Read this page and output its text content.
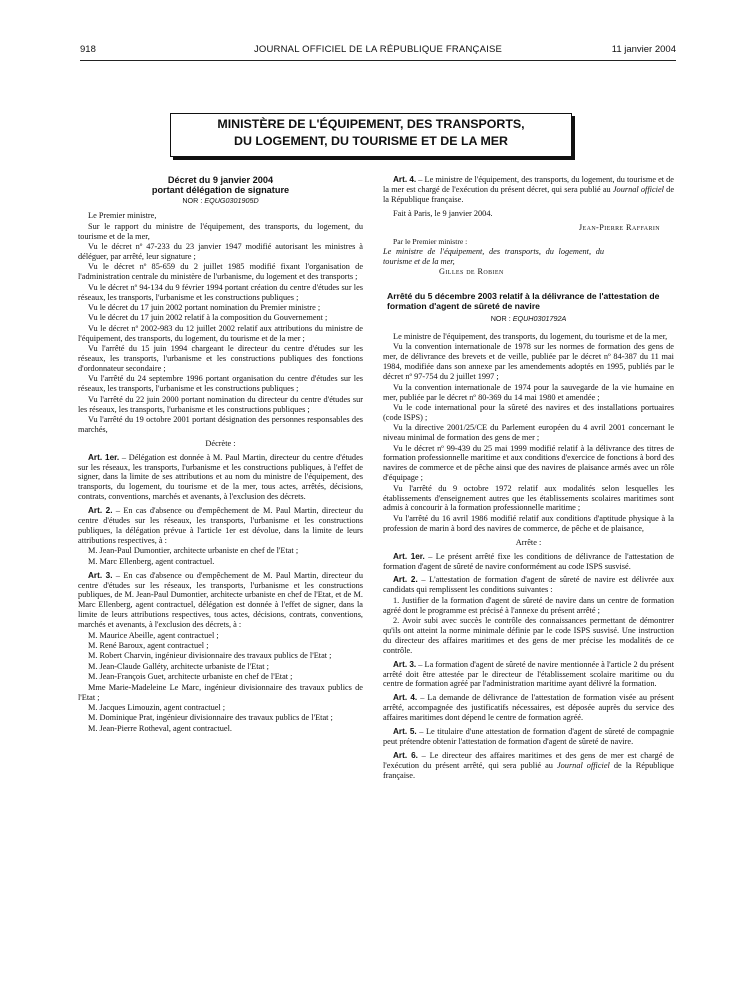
918	JOURNAL OFFICIEL DE LA RÉPUBLIQUE FRANÇAISE	11 janvier 2004
MINISTÈRE DE L'ÉQUIPEMENT, DES TRANSPORTS,
DU LOGEMENT, DU TOURISME ET DE LA MER
Décret du 9 janvier 2004
portant délégation de signature
NOR : EQUG0301905D

Le Premier ministre,

Sur le rapport du ministre de l'équipement, des transports, du logement, du tourisme et de la mer,

Vu le décret nº 47-233 du 23 janvier 1947 modifié autorisant les ministres à déléguer, par arrêté, leur signature ;

Vu le décret nº 85-659 du 2 juillet 1985 modifié fixant l'organisation de l'administration centrale du ministère de l'urbanisme, du logement et des transports ;

Vu le décret nº 94-134 du 9 février 1994 portant création du centre d'études sur les réseaux, les transports, l'urbanisme et les constructions publiques ;

Vu le décret du 17 juin 2002 portant nomination du Premier ministre ;

Vu le décret du 17 juin 2002 relatif à la composition du Gouvernement ;

Vu le décret nº 2002-983 du 12 juillet 2002 relatif aux attributions du ministre de l'équipement, des transports, du logement, du tourisme et de la mer ;

Vu l'arrêté du 15 juin 1994 chargeant le directeur du centre d'études sur les réseaux, les transports, l'urbanisme et les constructions publiques des fonctions d'ordonnateur secondaire ;

Vu l'arrêté du 24 septembre 1996 portant organisation du centre d'études sur les réseaux, les transports, l'urbanisme et les constructions publiques ;

Vu l'arrêté du 22 juin 2000 portant nomination du directeur du centre d'études sur les réseaux, les transports, l'urbanisme et les constructions publiques ;

Vu l'arrêté du 19 octobre 2001 portant désignation des personnes responsables des marchés,

Décrète :

Art. 1er. – Délégation est donnée à M. Paul Martin, directeur du centre d'études sur les réseaux, les transports, l'urbanisme et les constructions publiques, à l'effet de signer, dans la limite de ses attributions et au nom du ministre de l'équipement, des transports, du logement, du tourisme et de la mer, tous actes, arrêtés, décisions, contrats, conventions, marchés et avenants, à l'exclusion des décrets.

Art. 2. – En cas d'absence ou d'empêchement de M. Paul Martin, directeur du centre d'études sur les réseaux, les transports, l'urbanisme et les constructions publiques, la délégation prévue à l'article 1er est dévolue, dans la limite de leurs attributions respectives, à :

M. Jean-Paul Dumontier, architecte urbaniste en chef de l'Etat ;

M. Marc Ellenberg, agent contractuel.

Art. 3. – En cas d'absence ou d'empêchement de M. Paul Martin, directeur du centre d'études sur les réseaux, les transports, l'urbanisme et les constructions publiques, de M. Jean-Paul Dumontier, architecte urbaniste en chef de l'Etat, et de M. Marc Ellenberg, agent contractuel, délégation est donnée à l'effet de signer, dans la limite de leurs attributions respectives, tous actes, décisions, contrats, conventions, marchés et avenants, à l'exclusion des décrets, à :

M. Maurice Abeille, agent contractuel ;

M. René Baroux, agent contractuel ;

M. Robert Charvin, ingénieur divisionnaire des travaux publics de l'Etat ;

M. Jean-Claude Galléty, architecte urbaniste de l'Etat ;

M. Jean-François Guet, architecte urbaniste en chef de l'Etat ;

Mme Marie-Madeleine Le Marc, ingénieur divisionnaire des travaux publics de l'Etat ;

M. Jacques Limouzin, agent contractuel ;

M. Dominique Prat, ingénieur divisionnaire des travaux publics de l'Etat ;

M. Jean-Pierre Rotheval, agent contractuel.

Art. 4. – Le ministre de l'équipement, des transports, du logement, du tourisme et de la mer est chargé de l'exécution du présent décret, qui sera publié au Journal officiel de la République française.

Fait à Paris, le 9 janvier 2004.

Jean-Pierre Raffarin

Par le Premier ministre :

Le ministre de l'équipement, des transports, du logement, du tourisme et de la mer,

Gilles de Robien

Arrêté du 5 décembre 2003 relatif à la délivrance de l'attestation de formation d'agent de sûreté de navire
NOR : EQUH0301792A

Le ministre de l'équipement, des transports, du logement, du tourisme et de la mer,

Vu la convention internationale de 1978 sur les normes de formation des gens de mer, de délivrance des brevets et de veille, publiée par le décret nº 84-387 du 11 mai 1984, modifiée dans son annexe par les amendements adoptés en 1995, publiés par le décret nº 97-754 du 2 juillet 1997 ;

Vu la convention internationale de 1974 pour la sauvegarde de la vie humaine en mer, publiée par le décret nº 80-369 du 14 mai 1980 et amendée ;

Vu le code international pour la sûreté des navires et des installations portuaires (code ISPS) ;

Vu la directive 2001/25/CE du Parlement européen du 4 avril 2001 concernant le niveau minimal de formation des gens de mer ;

Vu le décret nº 99-439 du 25 mai 1999 modifié relatif à la délivrance des titres de formation professionnelle maritime et aux conditions d'exercice de fonctions à bord des navires de commerce et de pêche ainsi que des navires de plaisance armés avec un rôle d'équipage ;

Vu l'arrêté du 9 octobre 1972 relatif aux modalités selon lesquelles les établissements d'enseignement autres que les établissements scolaires maritimes sont admis à concourir à la formation professionnelle maritime ;

Vu l'arrêté du 16 avril 1986 modifié relatif aux conditions d'aptitude physique à la profession de marin à bord des navires de commerce, de pêche et de plaisance,

Arrête :

Art. 1er. – Le présent arrêté fixe les conditions de délivrance de l'attestation de formation d'agent de sûreté de navire conformément au code ISPS susvisé.

Art. 2. – L'attestation de formation d'agent de sûreté de navire est délivrée aux candidats qui remplissent les conditions suivantes :

1. Justifier de la formation d'agent de sûreté de navire dans un centre de formation agréé dont le programme est précisé à l'annexe du présent arrêté ;

2. Avoir subi avec succès le contrôle des connaissances permettant de démontrer qu'ils ont atteint la norme minimale définie par le code ISPS susvisé. Une instruction du directeur des affaires maritimes et des gens de mer précise les modalités de ce contrôle.

Art. 3. – La formation d'agent de sûreté de navire mentionnée à l'article 2 du présent arrêté doit être attestée par le directeur de l'établissement scolaire maritime ou du centre de formation agréé par l'administration maritime ayant délivré la formation.

Art. 4. – La demande de délivrance de l'attestation de formation visée au présent arrêté, accompagnée des justificatifs nécessaires, est déposée auprès du service des affaires maritimes dont dépend le centre de formation agréé.

Art. 5. – Le titulaire d'une attestation de formation d'agent de sûreté de compagnie peut prétendre obtenir l'attestation de formation d'agent de sûreté de navire.

Art. 6. – Le directeur des affaires maritimes et des gens de mer est chargé de l'exécution du présent arrêté, qui sera publié au Journal officiel de la République française.
